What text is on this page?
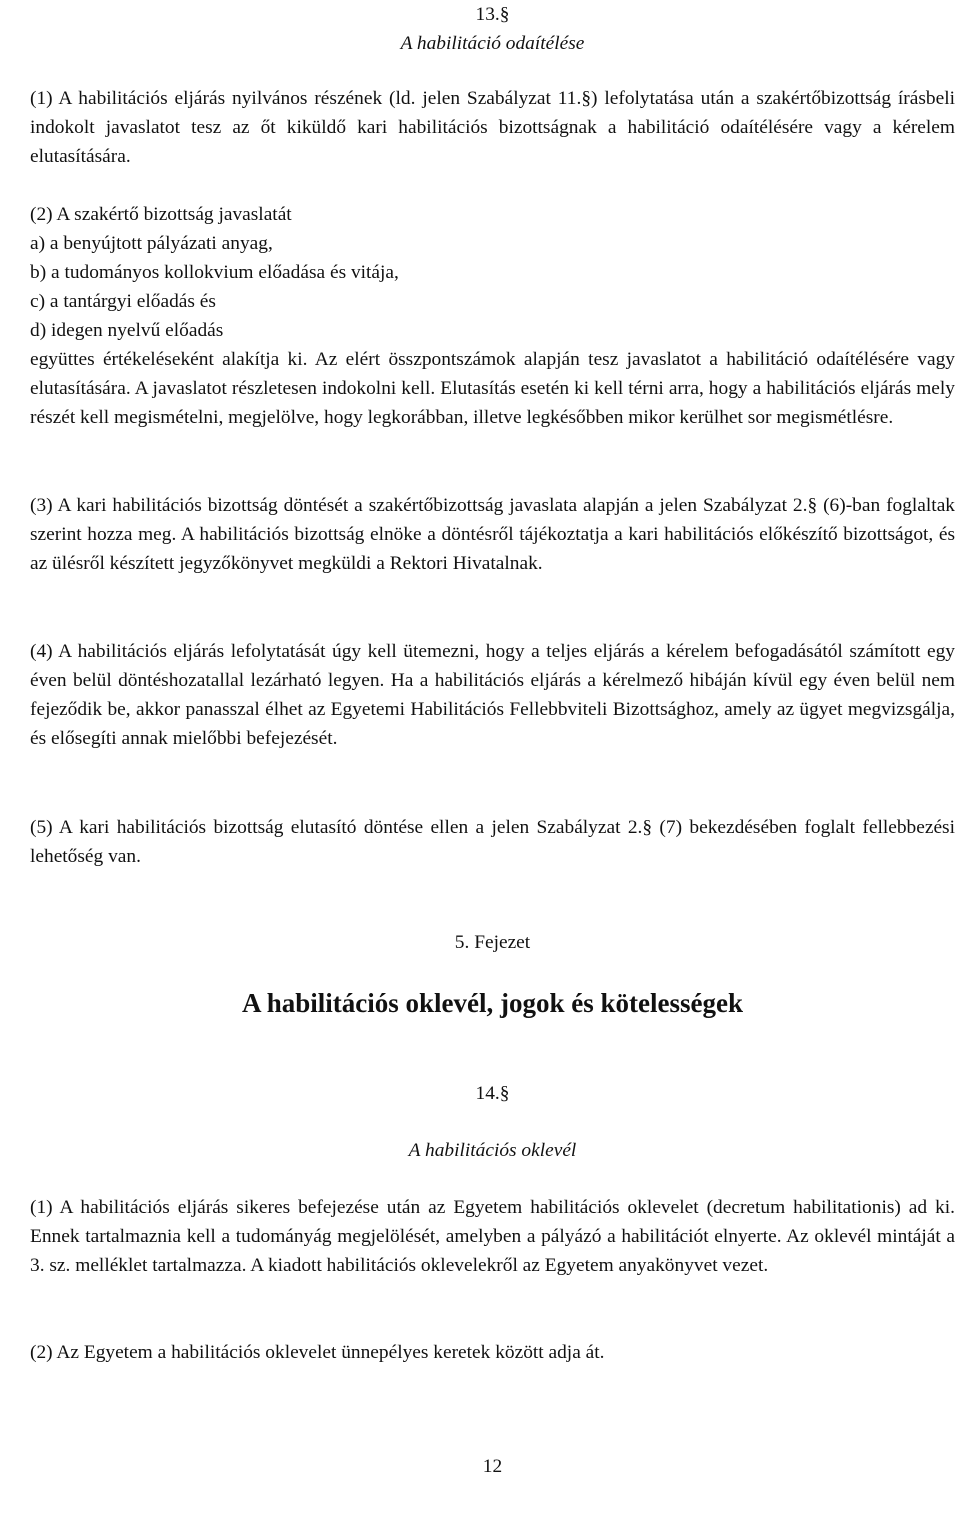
13.§
A habilitáció odaítélése
(1) A habilitációs eljárás nyilvános részének (ld. jelen Szabályzat 11.§) lefolytatása után a szakértőbizottság írásbeli indokolt javaslatot tesz az őt kiküldő kari habilitációs bizottságnak a habilitáció odaítélésére vagy a kérelem elutasítására.
(2) A szakértő bizottság javaslatát
a) a benyújtott pályázati anyag,
b) a tudományos kollokvium előadása és vitája,
c) a tantárgyi előadás és
d) idegen nyelvű előadás
együttes értékeléseként alakítja ki. Az elért összpontszámok alapján tesz javaslatot a habilitáció odaítélésére vagy elutasítására. A javaslatot részletesen indokolni kell. Elutasítás esetén ki kell térni arra, hogy a habilitációs eljárás mely részét kell megismételni, megjelölve, hogy legkorábban, illetve legkésőbben mikor kerülhet sor megismétlésre.
(3) A kari habilitációs bizottság döntését a szakértőbizottság javaslata alapján a jelen Szabályzat 2.§ (6)-ban foglaltak szerint hozza meg. A habilitációs bizottság elnöke a döntésről tájékoztatja a kari habilitációs előkészítő bizottságot, és az ülésről készített jegyzőkönyvet megküldi a Rektori Hivatalnak.
(4) A habilitációs eljárás lefolytatását úgy kell ütemezni, hogy a teljes eljárás a kérelem befogadásától számított egy éven belül döntéshozatallal lezárható legyen. Ha a habilitációs eljárás a kérelmező hibáján kívül egy éven belül nem fejeződik be, akkor panasszal élhet az Egyetemi Habilitációs Fellebbviteli Bizottsághoz, amely az ügyet megvizsgálja, és elősegíti annak mielőbbi befejezését.
(5) A kari habilitációs bizottság elutasító döntése ellen a jelen Szabályzat 2.§ (7) bekezdésében foglalt fellebbezési lehetőség van.
5. Fejezet
A habilitációs oklevél, jogok és kötelességek
14.§
A habilitációs oklevél
(1) A habilitációs eljárás sikeres befejezése után az Egyetem habilitációs oklevelet (decretum habilitationis) ad ki. Ennek tartalmaznia kell a tudományág megjelölését, amelyben a pályázó a habilitációt elnyerte. Az oklevél mintáját a 3. sz. melléklet tartalmazza. A kiadott habilitációs oklevelekről az Egyetem anyakönyvet vezet.
(2) Az Egyetem a habilitációs oklevelet ünnepélyes keretek között adja át.
12
